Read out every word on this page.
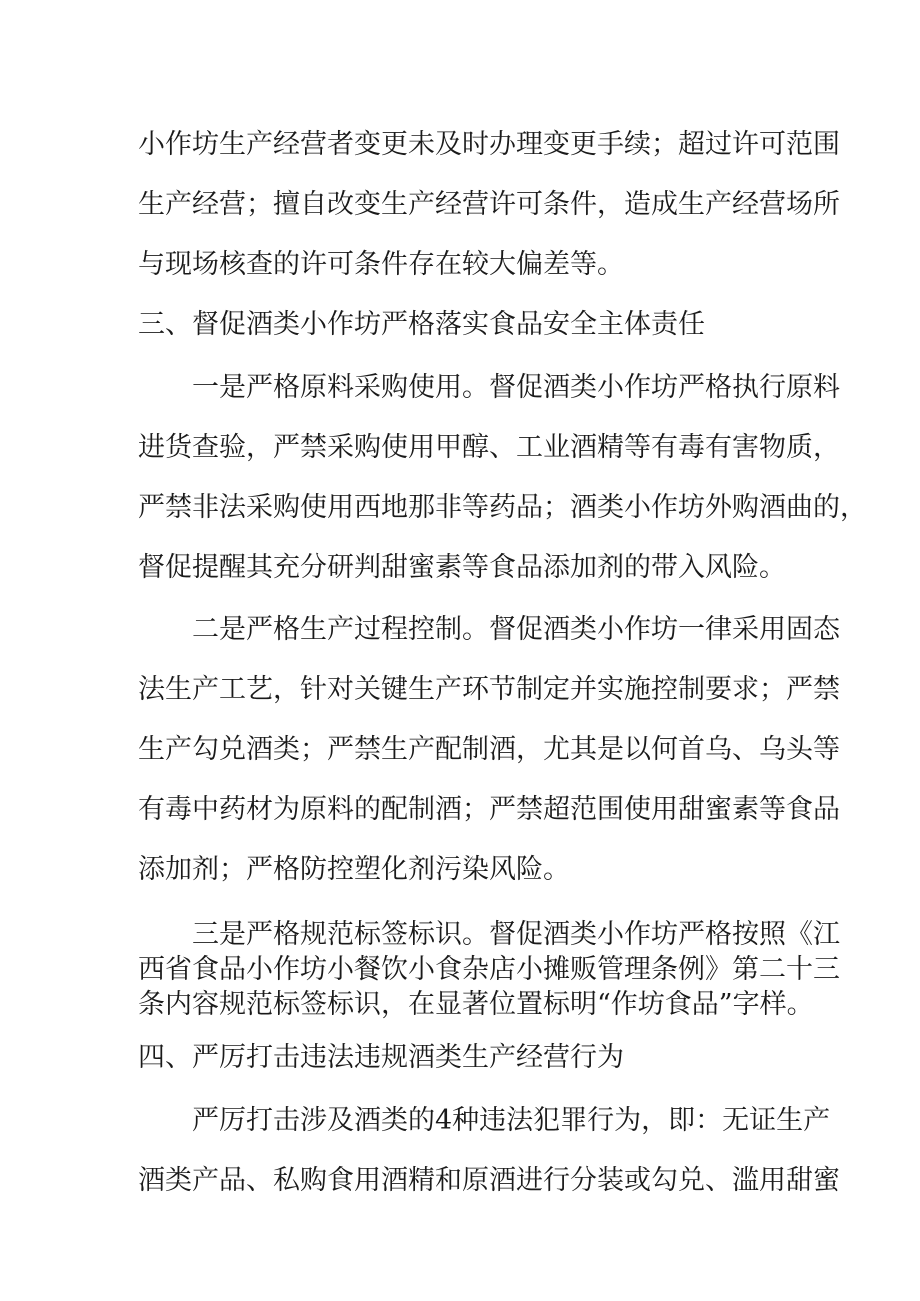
小作坊生产经营者变更未及时办理变更手续；超过许可范围
生产经营；擅自改变生产经营许可条件，造成生产经营场所
与现场核查的许可条件存在较大偏差等。
三、督促酒类小作坊严格落实食品安全主体责任
一是严格原料采购使用。督促酒类小作坊严格执行原料
进货查验，严禁采购使用甲醇、工业酒精等有毒有害物质，
严禁非法采购使用西地那非等药品；酒类小作坊外购酒曲的，
督促提醒其充分研判甜蜜素等食品添加剂的带入风险。
二是严格生产过程控制。督促酒类小作坊一律采用固态
法生产工艺，针对关键生产环节制定并实施控制要求；严禁
生产勾兑酒类；严禁生产配制酒，尤其是以何首乌、乌头等
有毒中药材为原料的配制酒；严禁超范围使用甜蜜素等食品
添加剂；严格防控塑化剂污染风险。
三是严格规范标签标识。督促酒类小作坊严格按照《江
西省食品小作坊小餐饮小食杂店小摊贩管理条例》第二十三
条内容规范标签标识，在显著位置标明“作坊食品”字样。
四、严厉打击违法违规酒类生产经营行为
严厉打击涉及酒类的4种违法犯罪行为，即：无证生产
酒类产品、私购食用酒精和原酒进行分装或勾兑、滥用甜蜜
